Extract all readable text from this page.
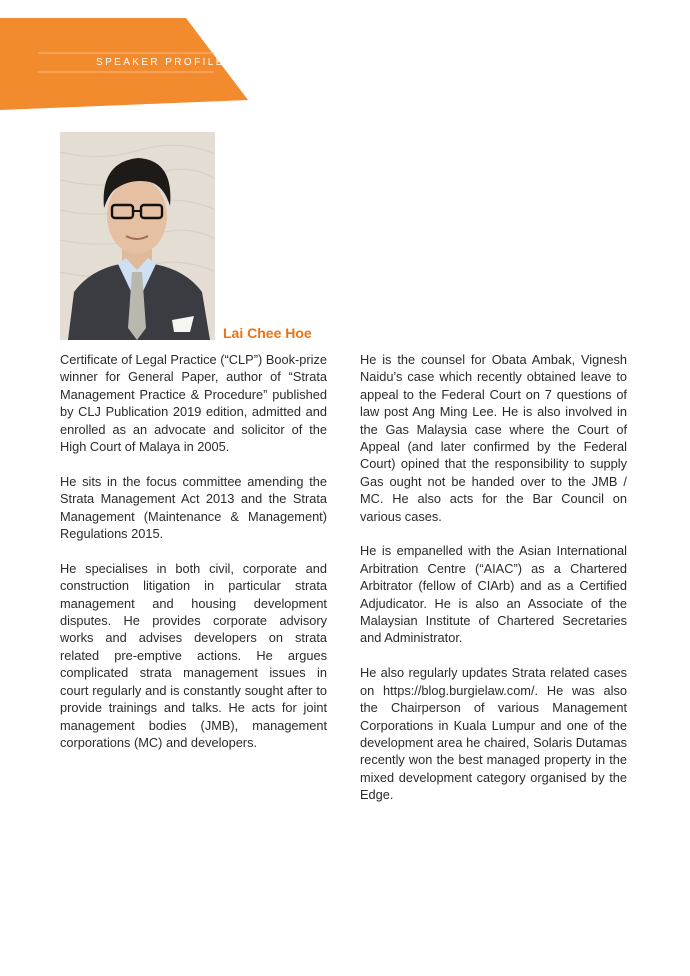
SPEAKER PROFILE
Lai Chee Hoe

Certificate of Legal Practice (“CLP”) Book-prize winner for General Paper, author of “Strata Management Practice & Procedure” published by CLJ Publication 2019 edition, admitted and enrolled as an advocate and solicitor of the High Court of Malaya in 2005.

He sits in the focus committee amending the Strata Management Act 2013 and the Strata Management (Maintenance & Management) Regulations 2015.

He specialises in both civil, corporate and construction litigation in particular strata management and housing development disputes. He provides corporate advisory works and advises developers on strata related pre-emptive actions. He argues complicated strata management issues in court regularly and is constantly sought after to provide trainings and talks. He acts for joint management bodies (JMB), management corporations (MC) and developers.

He is the counsel for Obata Ambak, Vignesh Naidu’s case which recently obtained leave to appeal to the Federal Court on 7 questions of law post Ang Ming Lee. He is also involved in the Gas Malaysia case where the Court of Appeal (and later confirmed by the Federal Court) opined that the responsibility to supply Gas ought not be handed over to the JMB / MC. He also acts for the Bar Council on various cases.

He is empanelled with the Asian International Arbitration Centre (“AIAC”) as a Chartered Arbitrator (fellow of CIArb) and as a Certified Adjudicator. He is also an Associate of the Malaysian Institute of Chartered Secretaries and Administrator.

He also regularly updates Strata related cases on https://blog.burgielaw.com/. He was also the Chairperson of various Management Corporations in Kuala Lumpur and one of the development area he chaired, Solaris Dutamas recently won the best managed property in the mixed development category organised by the Edge.
